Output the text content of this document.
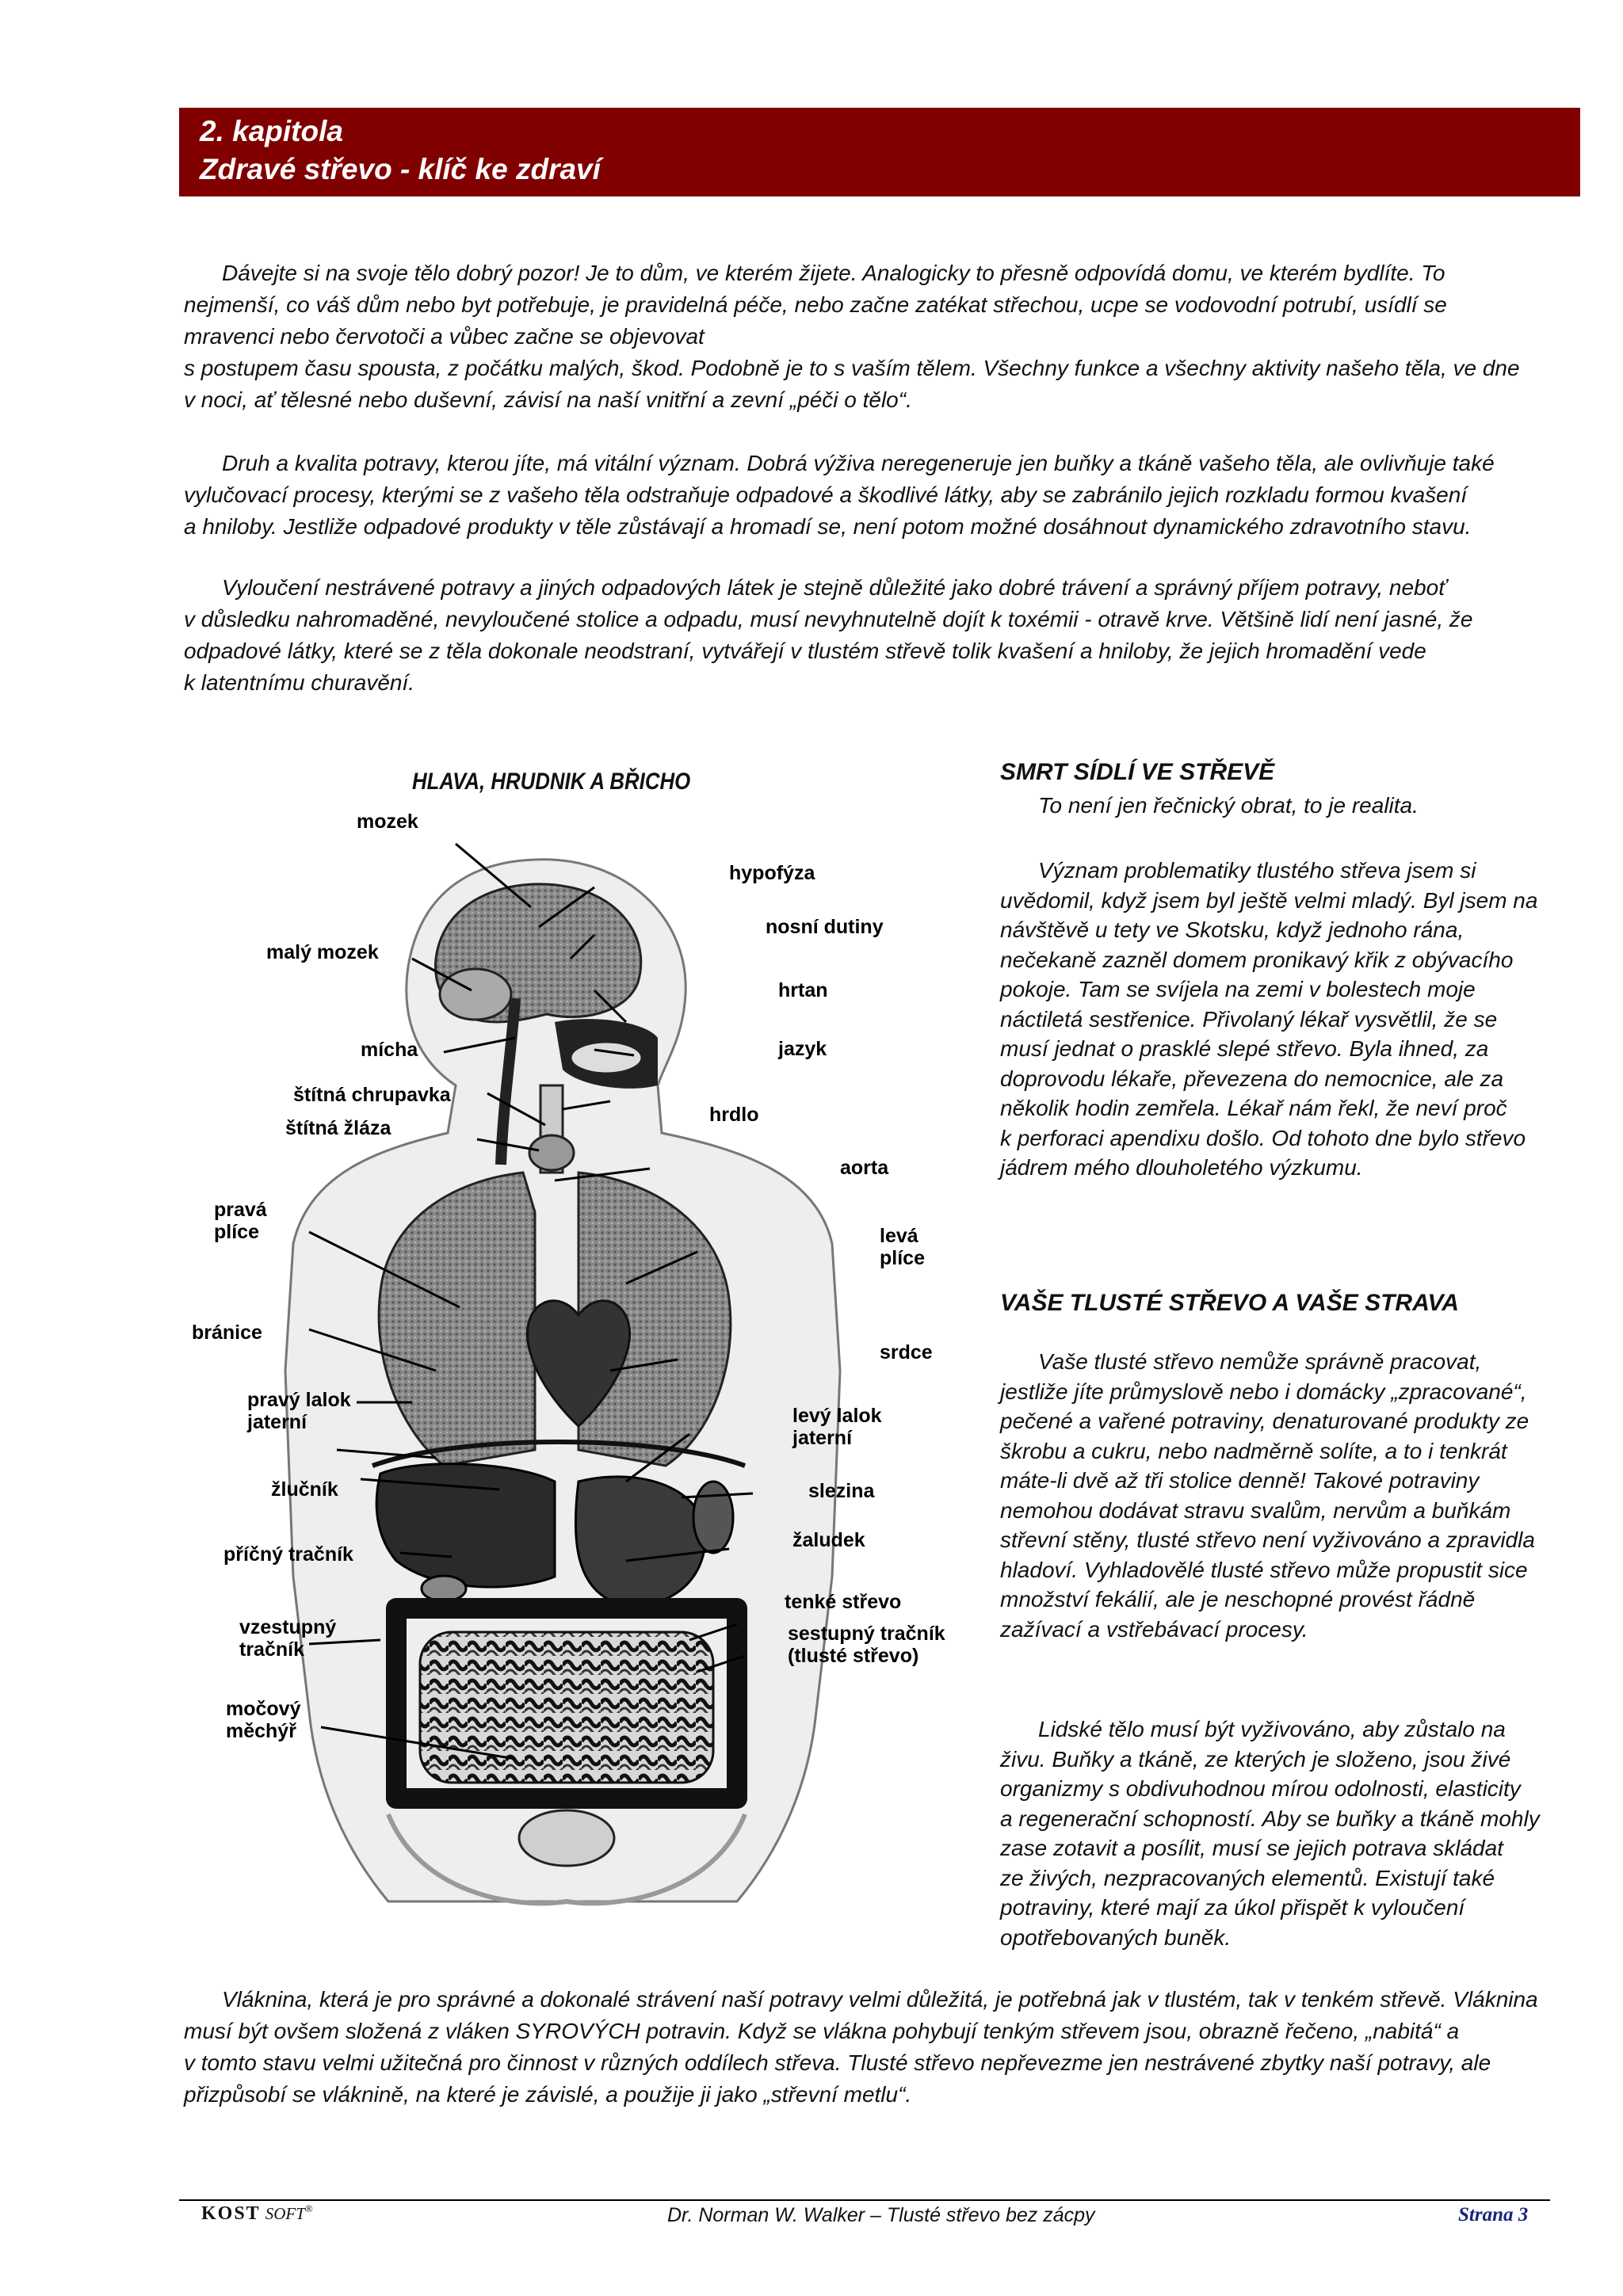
2. kapitola
Zdravé střevo - klíč ke zdraví

Dávejte si na svoje tělo dobrý pozor! Je to dům, ve kterém žijete. Analogicky to přesně odpovídá domu, ve kterém bydlíte. To

nejmenší, co váš dům nebo byt potřebuje, je pravidelná péče, nebo začne zatékat střechou, ucpe se vodovodní potrubí, usídlí se

mravenci nebo červotoči a vůbec začne se objevovat

s postupem času spousta, z počátku malých, škod. Podobně je to s vaším tělem. Všechny funkce a všechny aktivity našeho těla, ve dne

v noci, ať tělesné nebo duševní, závisí na naší vnitřní a zevní „péči o tělo“.

Druh a kvalita potravy, kterou jíte, má vitální význam. Dobrá výživa neregeneruje jen buňky a tkáně vašeho těla, ale ovlivňuje také

vylučovací procesy, kterými se z vašeho těla odstraňuje odpadové a škodlivé látky, aby se zabránilo jejich rozkladu formou kvašení

a hniloby. Jestliže odpadové produkty v těle zůstávají a hromadí se, není potom možné dosáhnout dynamického zdravotního stavu.

Vyloučení nestrávené potravy a jiných odpadových látek je stejně důležité jako dobré trávení a správný příjem potravy, neboť

v důsledku nahromaděné, nevyloučené stolice a odpadu, musí nevyhnutelně dojít k toxémii - otravě krve. Většině lidí není jasné, že

odpadové látky, které se z těla dokonale neodstraní, vytvářejí v tlustém střevě tolik kvašení a hniloby, že jejich hromadění vede

k latentnímu churavění.

HLAVA, HRUDNIK A BŘICHO
mozek
malý mozek
mícha
štítná chrupavka
štítná žláza
pravá
plíce
bránice
pravý lalok
jaterní
žlučník
příčný tračník
vzestupný
tračník
močový
měchýř
hypofýza
nosní dutiny
hrtan
jazyk
hrdlo
aorta
levá
plíce
srdce
levý lalok
jaterní
slezina
žaludek
tenké střevo
sestupný tračník
(tlusté střevo)
SMRT SÍDLÍ VE STŘEVĚ

To není jen řečnický obrat, to je realita.

Význam problematiky tlustého střeva jsem si

uvědomil, když jsem byl ještě velmi mladý. Byl jsem na

návštěvě u tety ve Skotsku, když jednoho rána,

nečekaně zazněl domem pronikavý křik z obývacího

pokoje. Tam se svíjela na zemi v bolestech moje

náctiletá sestřenice. Přivolaný lékař vysvětlil, že se

musí jednat o prasklé slepé střevo. Byla ihned, za

doprovodu lékaře, převezena do nemocnice, ale za

několik hodin zemřela. Lékař nám řekl, že neví proč

k perforaci apendixu došlo. Od tohoto dne bylo střevo

jádrem mého dlouholetého výzkumu.

VAŠE TLUSTÉ STŘEVO A VAŠE STRAVA

Vaše tlusté střevo nemůže správně pracovat,

jestliže jíte průmyslově nebo i domácky „zpracované“,

pečené a vařené potraviny, denaturované produkty ze

škrobu a cukru, nebo nadměrně solíte, a to i tenkrát

máte-li dvě až tři stolice denně! Takové potraviny

nemohou dodávat stravu svalům, nervům a buňkám

střevní stěny, tlusté střevo není vyživováno a zpravidla

hladoví. Vyhladovělé tlusté střevo může propustit sice

množství fekálií, ale je neschopné provést řádně

zažívací a vstřebávací procesy.

Lidské tělo musí být vyživováno, aby zůstalo na

živu. Buňky a tkáně, ze kterých je složeno, jsou živé

organizmy s obdivuhodnou mírou odolnosti, elasticity

a regenerační schopností. Aby se buňky a tkáně mohly

zase zotavit a posílit, musí se jejich potrava skládat

ze živých, nezpracovaných elementů. Existují také

potraviny, které mají za úkol přispět k vyloučení

opotřebovaných buněk.

Vláknina, která je pro správné a dokonalé strávení naší potravy velmi důležitá, je potřebná jak v tlustém, tak v tenkém střevě. Vláknina

musí být ovšem složená z vláken SYROVÝCH potravin. Když se vlákna pohybují tenkým střevem jsou, obrazně řečeno, „nabitá“ a

v tomto stavu velmi užitečná pro činnost v různých oddílech střeva. Tlusté střevo nepřevezme jen nestrávené zbytky naší potravy, ale

přizpůsobí se vláknině, na které je závislé, a použije ji jako „střevní metlu“.

KOST SOFT®	Dr. Norman W. Walker – Tlusté střevo bez zácpy	Strana 3
